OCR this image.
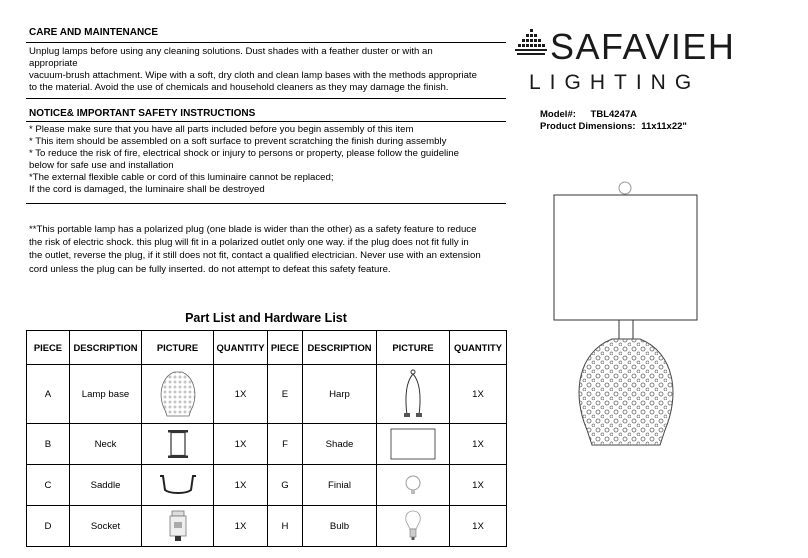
CARE AND MAINTENANCE
Unplug lamps before using any cleaning solutions. Dust shades with a feather duster or with an
appropriate
vacuum-brush attachment. Wipe with a soft, dry cloth and clean lamp bases with the methods appropriate
to the material. Avoid the use of chemicals and household cleaners as they may damage the finish.
NOTICE& IMPORTANT SAFETY INSTRUCTIONS
* Please make sure that you have all parts included before you begin assembly of this item
* This item should be assembled on a soft surface to prevent scratching the finish during assembly
* To reduce the risk of fire, electrical shock or injury to persons or property, please follow the guideline
below for safe use and installation
*The external flexible cable or cord of this luminaire cannot be replaced;
If the cord is damaged, the luminaire shall be destroyed
**This portable lamp has a polarized plug (one blade is wider than the other) as a safety feature to reduce
the risk of electric shock. this plug will fit in a polarized outlet only one way. if the plug does not fit fully in
the outlet, reverse the plug, if it still does not fit, contact a qualified electrician. Never use with an extension
cord unless the plug can be fully inserted. do not attempt to defeat this safety feature.
SAFAVIEH
LIGHTING
Model#: TBL4247A
Product Dimensions: 11x11x22"
Part List and Hardware List
PIECE	DESCRIPTION	PICTURE	QUANTITY	PIECE	DESCRIPTION	PICTURE	QUANTITY
A	Lamp base		1X	E	Harp		1X
B	Neck		1X	F	Shade		1X
C	Saddle		1X	G	Finial		1X
D	Socket		1X	H	Bulb		1X
